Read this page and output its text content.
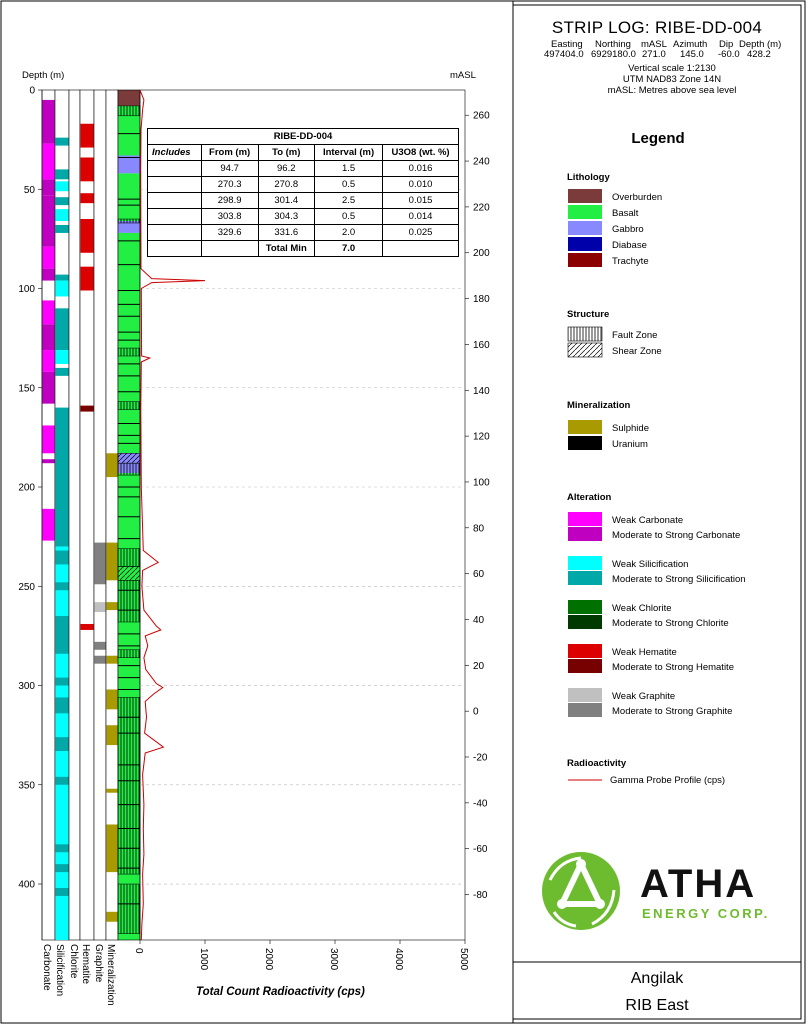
0
50
100
150
200
250
300
350
400
260
240
220
200
180
160
140
120
100
80
60
40
20
0
-20
-40
-60
-80
0	1000	2000	3000	4000	5000
Carbonate Silicification Chlorite Hematite Graphite Mineralization
Lithology
Overburden
Basalt
Gabbro
Diabase
Trachyte
Structure
Fault Zone
Shear Zone
Mineralization
Sulphide
Uranium
Alteration
Weak Carbonate
Moderate to Strong Carbonate
Weak Silicification
Moderate to Strong Silicification
Weak Chlorite
Moderate to Strong Chlorite
Weak Hematite
Moderate to Strong Hematite
Weak Graphite
Moderate to Strong Graphite
Radioactivity
Gamma Probe Profile (cps)
Depth (m)	mASL
Total Count Radioactivity (cps)
STRIP LOG: RIBE-DD-004
Easting Northing mASL Azimuth Dip Depth (m)
497404.0 6929180.0 271.0 145.0 -60.0 428.2
Vertical scale 1:2130
UTM NAD83 Zone 14N
mASL: Metres above sea level
Legend
RIBE-DD-004				
Includes	From (m)	To (m)	Interval (m)	U3O8 (wt. %)
	94.7	96.2	1.5	0.016
	270.3	270.8	0.5	0.010
	298.9	301.4	2.5	0.015
	303.8	304.3	0.5	0.014
	329.6	331.6	2.0	0.025
		Total Min	7.0	
ATHA
ENERGY CORP.
Angilak
RIB East
